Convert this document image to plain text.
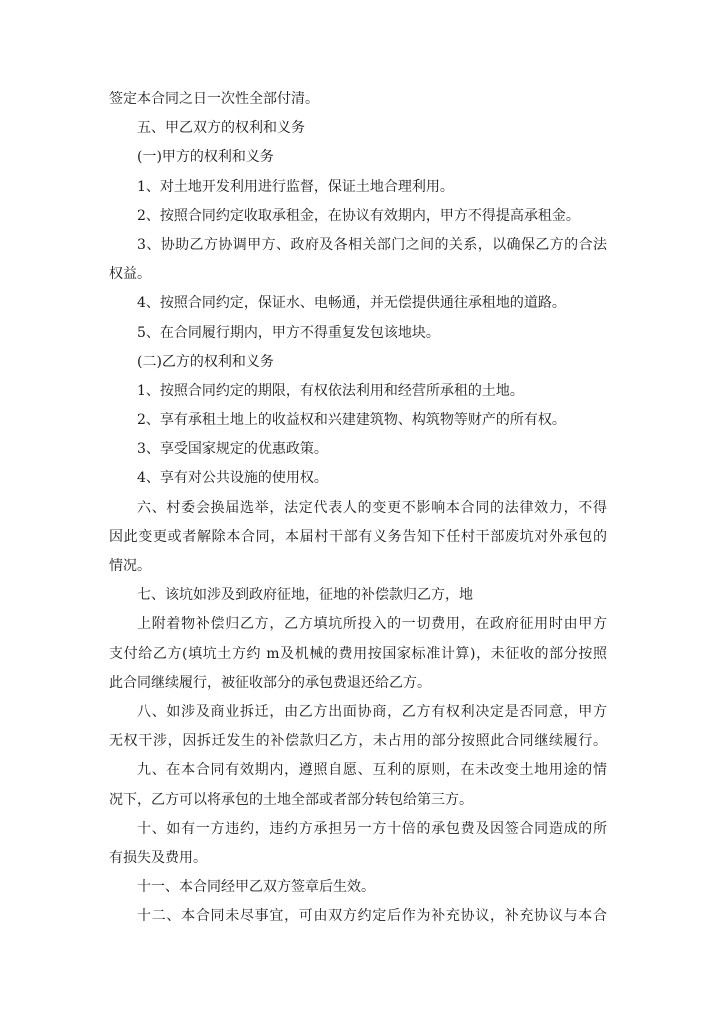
签定本合同之日一次性全部付清。

五、甲乙双方的权利和义务

(一)甲方的权利和义务

1、对土地开发利用进行监督，保证土地合理利用。

2、按照合同约定收取承租金，在协议有效期内，甲方不得提高承租金。

3、协助乙方协调甲方、政府及各相关部门之间的关系，以确保乙方的合法

权益。

4、按照合同约定，保证水、电畅通，并无偿提供通往承租地的道路。

5、在合同履行期内，甲方不得重复发包该地块。

(二)乙方的权利和义务

1、按照合同约定的期限，有权依法利用和经营所承租的土地。

2、享有承租土地上的收益权和兴建建筑物、构筑物等财产的所有权。

3、享受国家规定的优惠政策。

4、享有对公共设施的使用权。

六、村委会换届选举，法定代表人的变更不影响本合同的法律效力，不得

因此变更或者解除本合同，本届村干部有义务告知下任村干部废坑对外承包的

情况。

七、该坑如涉及到政府征地，征地的补偿款归乙方，地

上附着物补偿归乙方，乙方填坑所投入的一切费用，在政府征用时由甲方

支付给乙方(填坑土方约 m及机械的费用按国家标准计算)，未征收的部分按照

此合同继续履行，被征收部分的承包费退还给乙方。

八、如涉及商业拆迁，由乙方出面协商，乙方有权利决定是否同意，甲方

无权干涉，因拆迁发生的补偿款归乙方，未占用的部分按照此合同继续履行。

九、在本合同有效期内，遵照自愿、互利的原则，在未改变土地用途的情

况下，乙方可以将承包的土地全部或者部分转包给第三方。

十、如有一方违约，违约方承担另一方十倍的承包费及因签合同造成的所

有损失及费用。

十一、本合同经甲乙双方签章后生效。

十二、本合同未尽事宜，可由双方约定后作为补充协议，补充协议与本合
